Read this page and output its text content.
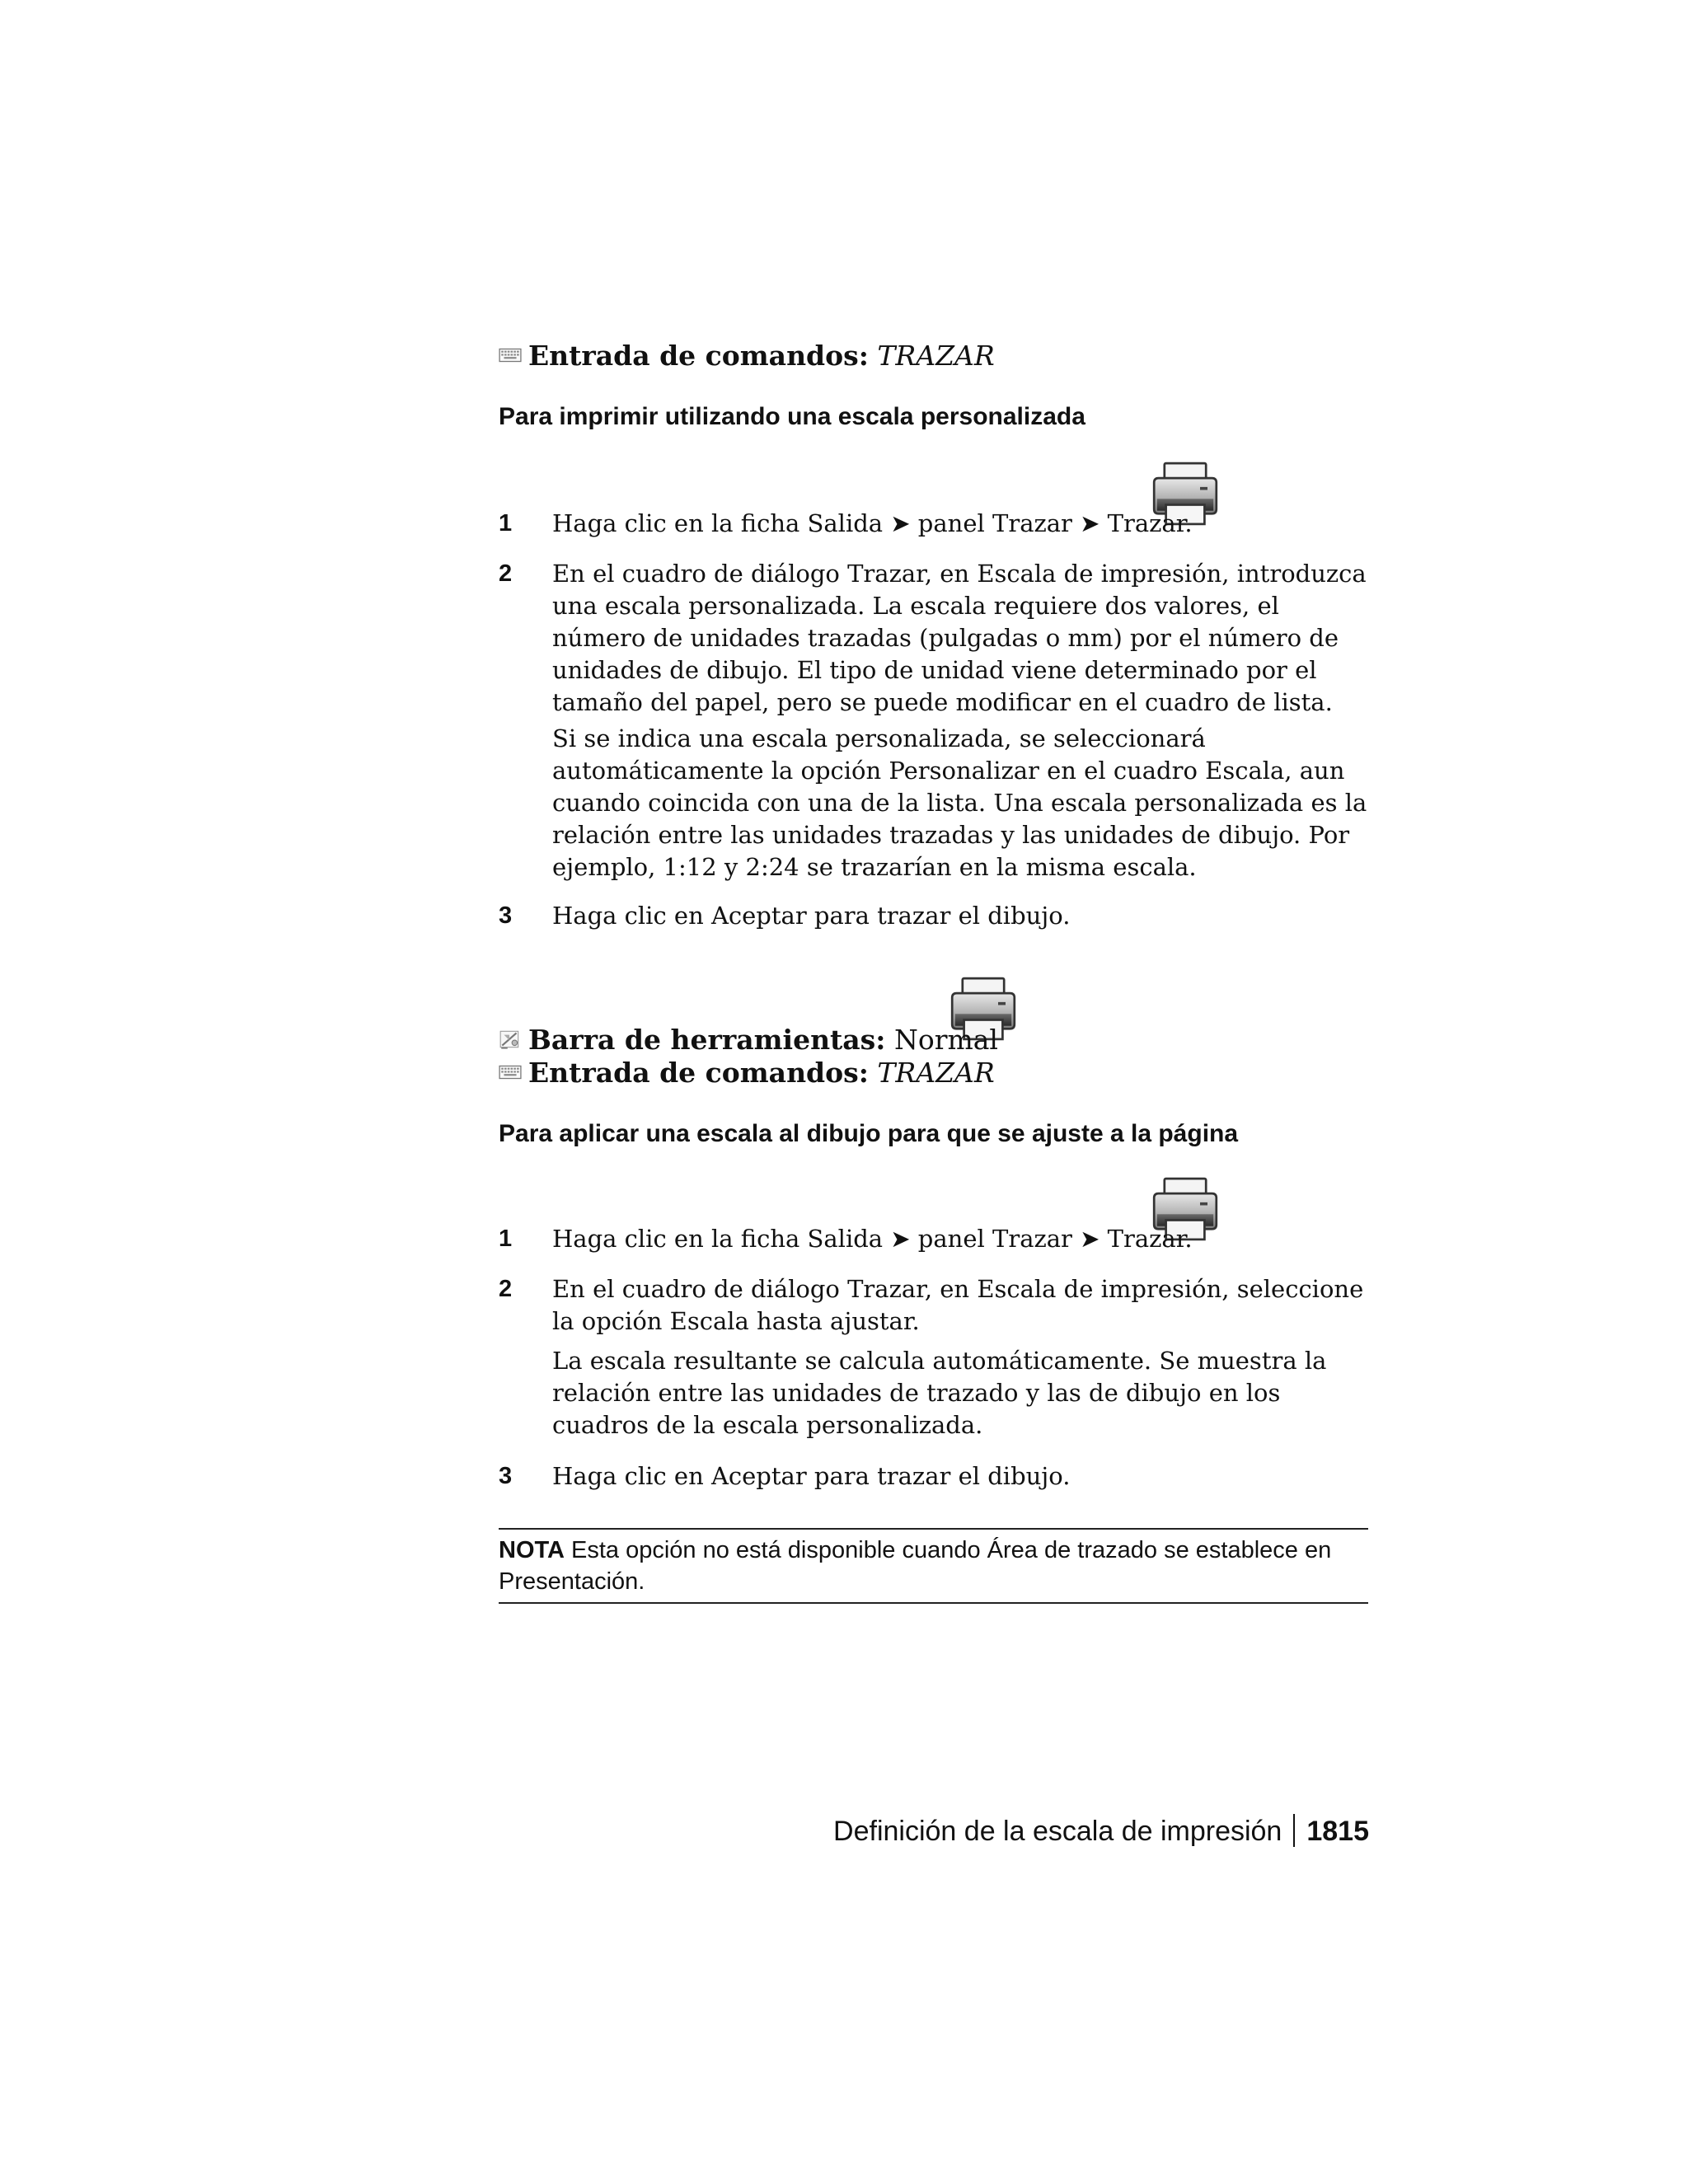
Entrada de comandos: TRAZAR
Para imprimir utilizando una escala personalizada
1	Haga clic en la ficha Salida ➤ panel Trazar ➤ Trazar.
2	En el cuadro de diálogo Trazar, en Escala de impresión, introduzca una escala personalizada. La escala requiere dos valores, el número de unidades trazadas (pulgadas o mm) por el número de unidades de dibujo. El tipo de unidad viene determinado por el tamaño del papel, pero se puede modificar en el cuadro de lista.
Si se indica una escala personalizada, se seleccionará automáticamente la opción Personalizar en el cuadro Escala, aun cuando coincida con una de la lista. Una escala personalizada es la relación entre las unidades trazadas y las unidades de dibujo. Por ejemplo, 1:12 y 2:24 se trazarían en la misma escala.
3	Haga clic en Aceptar para trazar el dibujo.
Barra de herramientas: Normal
Entrada de comandos: TRAZAR
Para aplicar una escala al dibujo para que se ajuste a la página
1	Haga clic en la ficha Salida ➤ panel Trazar ➤ Trazar.
2	En el cuadro de diálogo Trazar, en Escala de impresión, seleccione la opción Escala hasta ajustar.
La escala resultante se calcula automáticamente. Se muestra la relación entre las unidades de trazado y las de dibujo en los cuadros de la escala personalizada.
3	Haga clic en Aceptar para trazar el dibujo.
NOTA Esta opción no está disponible cuando Área de trazado se establece en Presentación.
Definición de la escala de impresión 1815
